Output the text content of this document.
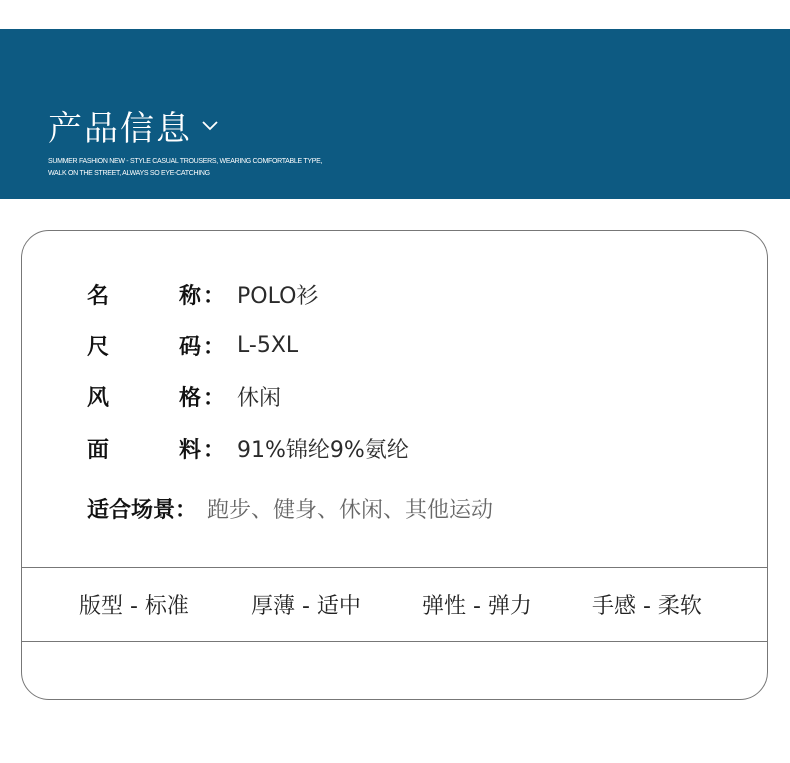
产品信息
SUMMER FASHION NEW - STYLE CASUAL TROUSERS, WEARING COMFORTABLE TYPE,
WALK ON THE STREET, ALWAYS SO EYE-CATCHING
名	称 ： POLO衫
尺	码 ： L-5XL
风	格 ： 休闲
面	料 ： 91%锦纶9%氨纶
适合场景： 跑步、健身、休闲、其他运动
版型 - 标准	厚薄 - 适中	弹性 - 弹力	手感 - 柔软
